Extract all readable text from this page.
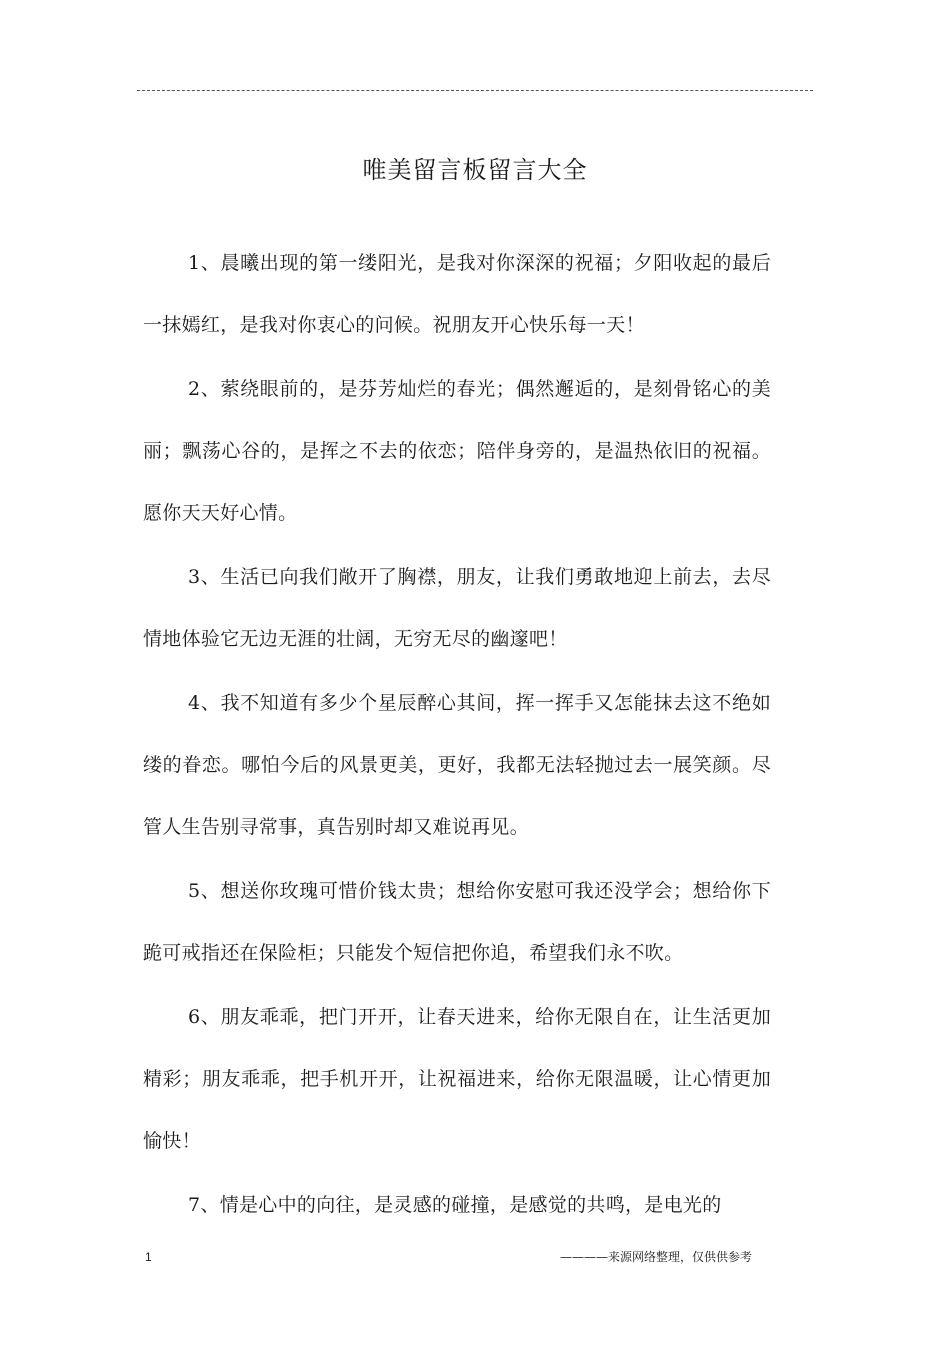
唯美留言板留言大全

1、晨曦出现的第一缕阳光，是我对你深深的祝福；夕阳收起的最后一抹嫣红，是我对你衷心的问候。祝朋友开心快乐每一天！

2、萦绕眼前的，是芬芳灿烂的春光；偶然邂逅的，是刻骨铭心的美丽；飘荡心谷的，是挥之不去的依恋；陪伴身旁的，是温热依旧的祝福。愿你天天好心情。

3、生活已向我们敞开了胸襟，朋友，让我们勇敢地迎上前去，去尽情地体验它无边无涯的壮阔，无穷无尽的幽邃吧！

4、我不知道有多少个星辰醉心其间，挥一挥手又怎能抹去这不绝如缕的眷恋。哪怕今后的风景更美，更好，我都无法轻抛过去一展笑颜。尽管人生告别寻常事，真告别时却又难说再见。

5、想送你玫瑰可惜价钱太贵；想给你安慰可我还没学会；想给你下跪可戒指还在保险柜；只能发个短信把你追，希望我们永不吹。

6、朋友乖乖，把门开开，让春天进来，给你无限自在，让生活更加精彩；朋友乖乖，把手机开开，让祝福进来，给你无限温暖，让心情更加愉快！

7、情是心中的向往，是灵感的碰撞，是感觉的共鸣，是电光的

1	————来源网络整理，仅供供参考
